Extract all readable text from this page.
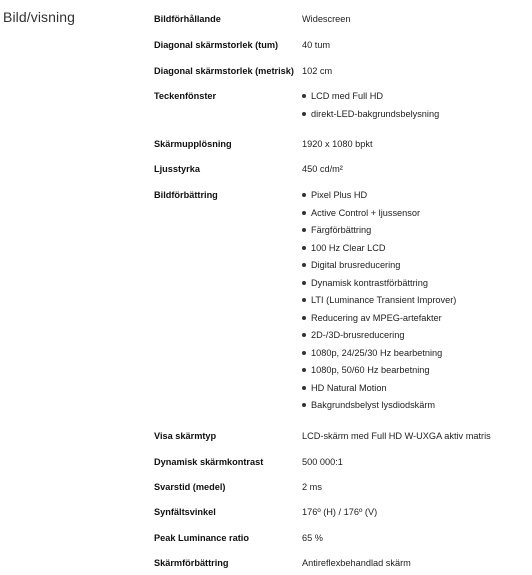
Bild/visning	Bildförhållande	Widescreen
Diagonal skärmstorlek (tum)	40 tum
Diagonal skärmstorlek (metrisk) 102 cm
Teckenfönster	LCD med Full HD
direkt-LED-bakgrundsbelysning
Skärmupplösning	1920 x 1080 bpkt
Ljusstyrka	450 cd/m²
Bildförbättring	Pixel Plus HD
Active Control + ljussensor
Färgförbättring
100 Hz Clear LCD
Digital brusreducering
Dynamisk kontrastförbättring
LTI (Luminance Transient Improver)
Reducering av MPEG-artefakter
2D-/3D-brusreducering
1080p, 24/25/30 Hz bearbetning
1080p, 50/60 Hz bearbetning
HD Natural Motion
Bakgrundsbelyst lysdiodskärm
Visa skärmtyp	LCD-skärm med Full HD W-UXGA aktiv matris
Dynamisk skärmkontrast	500 000:1
Svarstid (medel)	2 ms
Synfältsvinkel	176º (H) / 176º (V)
Peak Luminance ratio	65 %
Skärmförbättring	Antireflexbehandlad skärm
